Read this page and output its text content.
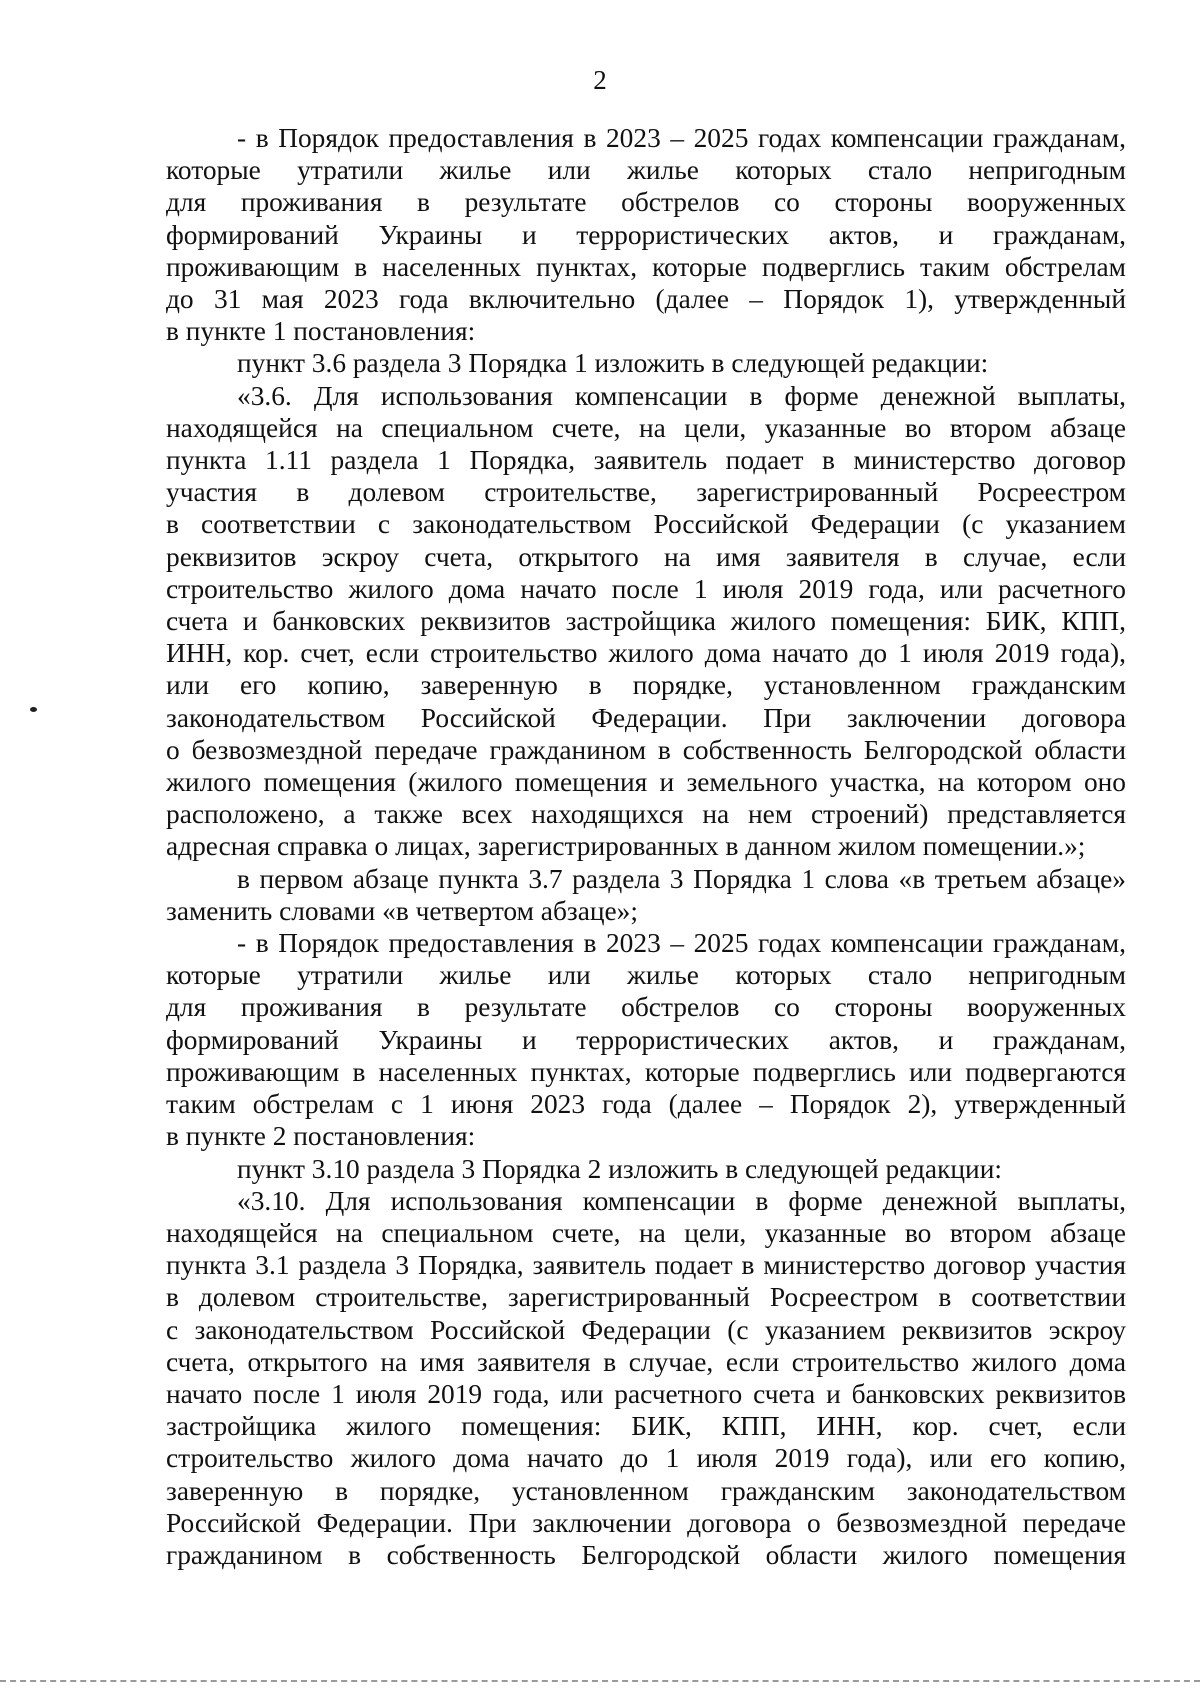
2
- в Порядок предоставления в 2023 – 2025 годах компенсации гражданам,
которые утратили жилье или жилье которых стало непригодным
для проживания в результате обстрелов со стороны вооруженных
формирований Украины и террористических актов, и гражданам,
проживающим в населенных пунктах, которые подверглись таким обстрелам
до 31 мая 2023 года включительно (далее – Порядок 1), утвержденный
в пункте 1 постановления:
пункт 3.6 раздела 3 Порядка 1 изложить в следующей редакции:
«3.6. Для использования компенсации в форме денежной выплаты,
находящейся на специальном счете, на цели, указанные во втором абзаце
пункта 1.11 раздела 1 Порядка, заявитель подает в министерство договор
участия в долевом строительстве, зарегистрированный Росреестром
в соответствии с законодательством Российской Федерации (с указанием
реквизитов эскроу счета, открытого на имя заявителя в случае, если
строительство жилого дома начато после 1 июля 2019 года, или расчетного
счета и банковских реквизитов застройщика жилого помещения: БИК, КПП,
ИНН, кор. счет, если строительство жилого дома начато до 1 июля 2019 года),
или его копию, заверенную в порядке, установленном гражданским
законодательством Российской Федерации. При заключении договора
о безвозмездной передаче гражданином в собственность Белгородской области
жилого помещения (жилого помещения и земельного участка, на котором оно
расположено, а также всех находящихся на нем строений) представляется
адресная справка о лицах, зарегистрированных в данном жилом помещении.»;
в первом абзаце пункта 3.7 раздела 3 Порядка 1 слова «в третьем абзаце»
заменить словами «в четвертом абзаце»;
- в Порядок предоставления в 2023 – 2025 годах компенсации гражданам,
которые утратили жилье или жилье которых стало непригодным
для проживания в результате обстрелов со стороны вооруженных
формирований Украины и террористических актов, и гражданам,
проживающим в населенных пунктах, которые подверглись или подвергаются
таким обстрелам с 1 июня 2023 года (далее – Порядок 2), утвержденный
в пункте 2 постановления:
пункт 3.10 раздела 3 Порядка 2 изложить в следующей редакции:
«3.10. Для использования компенсации в форме денежной выплаты,
находящейся на специальном счете, на цели, указанные во втором абзаце
пункта 3.1 раздела 3 Порядка, заявитель подает в министерство договор участия
в долевом строительстве, зарегистрированный Росреестром в соответствии
с законодательством Российской Федерации (с указанием реквизитов эскроу
счета, открытого на имя заявителя в случае, если строительство жилого дома
начато после 1 июля 2019 года, или расчетного счета и банковских реквизитов
застройщика жилого помещения: БИК, КПП, ИНН, кор. счет, если
строительство жилого дома начато до 1 июля 2019 года), или его копию,
заверенную в порядке, установленном гражданским законодательством
Российской Федерации. При заключении договора о безвозмездной передаче
гражданином в собственность Белгородской области жилого помещения
